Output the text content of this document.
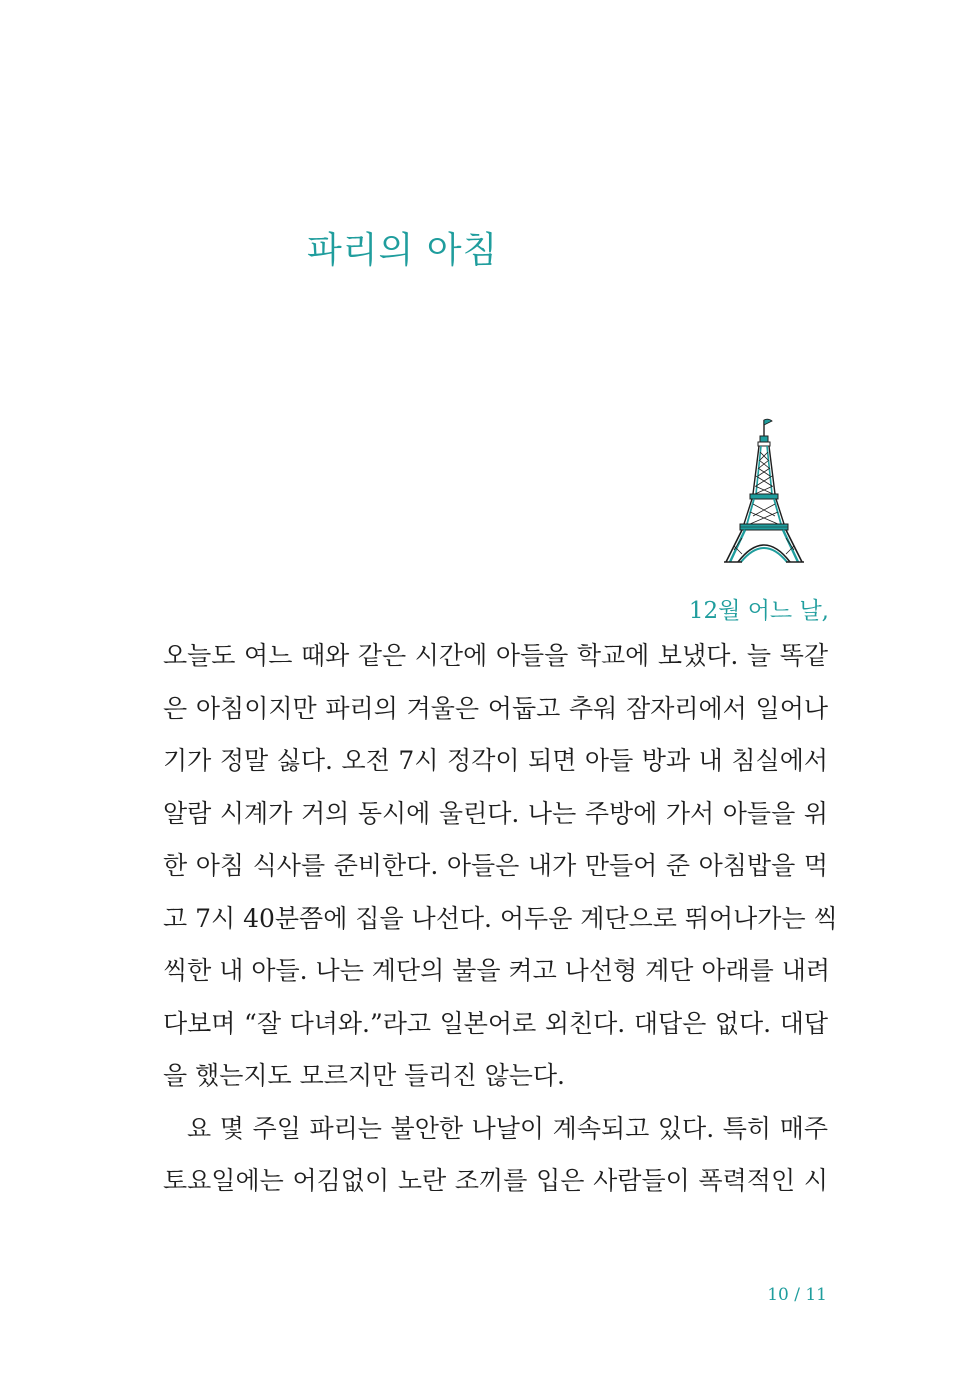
파리의 아침
12월 어느 날,
오늘도 여느 때와 같은 시간에 아들을 학교에 보냈다. 늘 똑같
은 아침이지만 파리의 겨울은 어둡고 추워 잠자리에서 일어나
기가 정말 싫다. 오전 7시 정각이 되면 아들 방과 내 침실에서
알람 시계가 거의 동시에 울린다. 나는 주방에 가서 아들을 위
한 아침 식사를 준비한다. 아들은 내가 만들어 준 아침밥을 먹
고 7시 40분쯤에 집을 나선다. 어두운 계단으로 뛰어나가는 씩
씩한 내 아들. 나는 계단의 불을 켜고 나선형 계단 아래를 내려
다보며 “잘 다녀와.”라고 일본어로 외친다. 대답은 없다. 대답
을 했는지도 모르지만 들리진 않는다.
요 몇 주일 파리는 불안한 나날이 계속되고 있다. 특히 매주
토요일에는 어김없이 노란 조끼를 입은 사람들이 폭력적인 시
10 / 11
